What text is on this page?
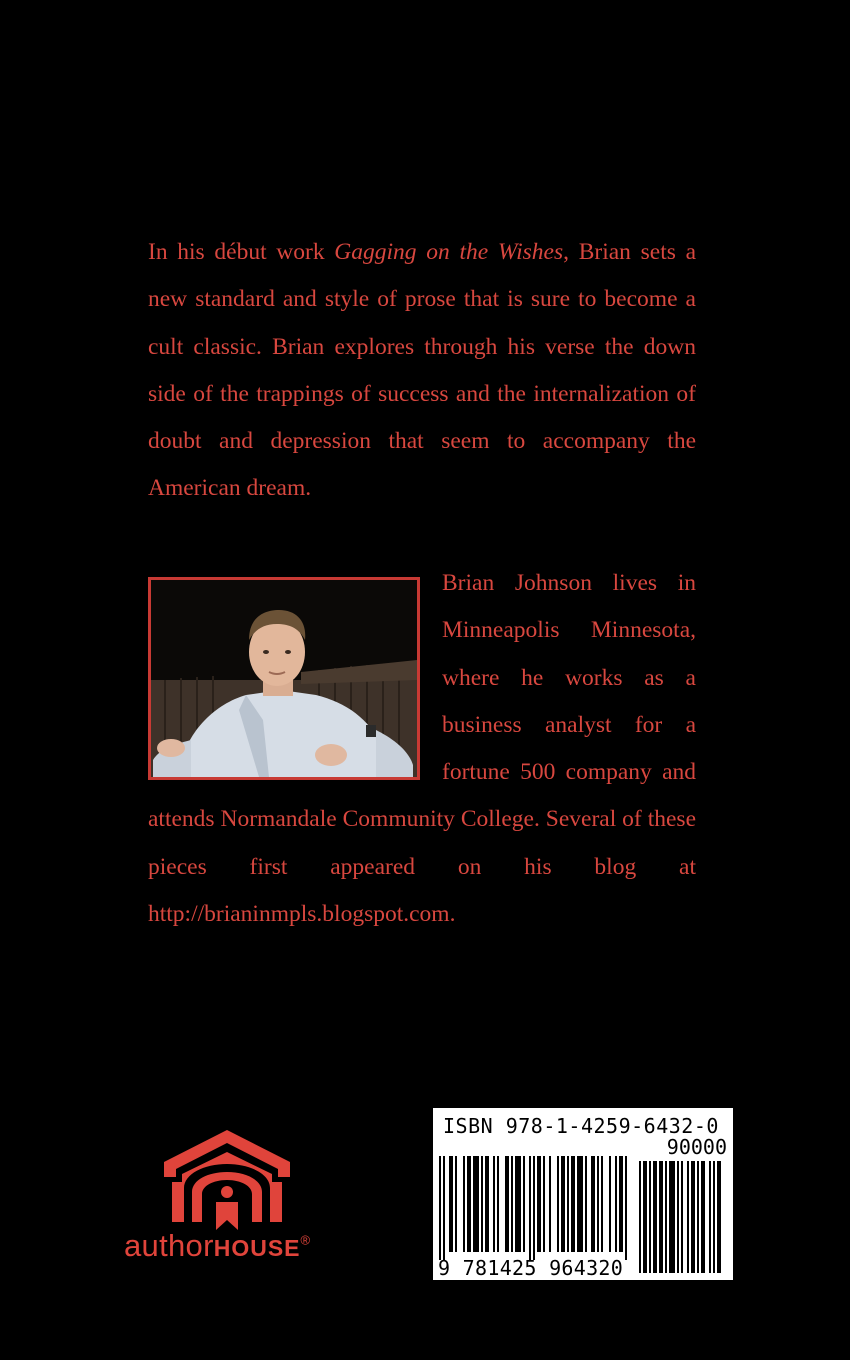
In his début work Gagging on the Wishes, Brian sets a new standard and style of prose that is sure to become a cult classic. Brian explores through his verse the down side of the trappings of success and the internalization of doubt and depression that seem to accompany the American dream.

Brian Johnson lives in Minneapolis Minnesota, where he works as a business analyst for a fortune 500 company and attends Normandale Community College. Several of these pieces first appeared on his blog at http://brianinmpls.blogspot.com.
authorHOUSE®
ISBN 978-1-4259-6432-0
90000
9 781425 964320
